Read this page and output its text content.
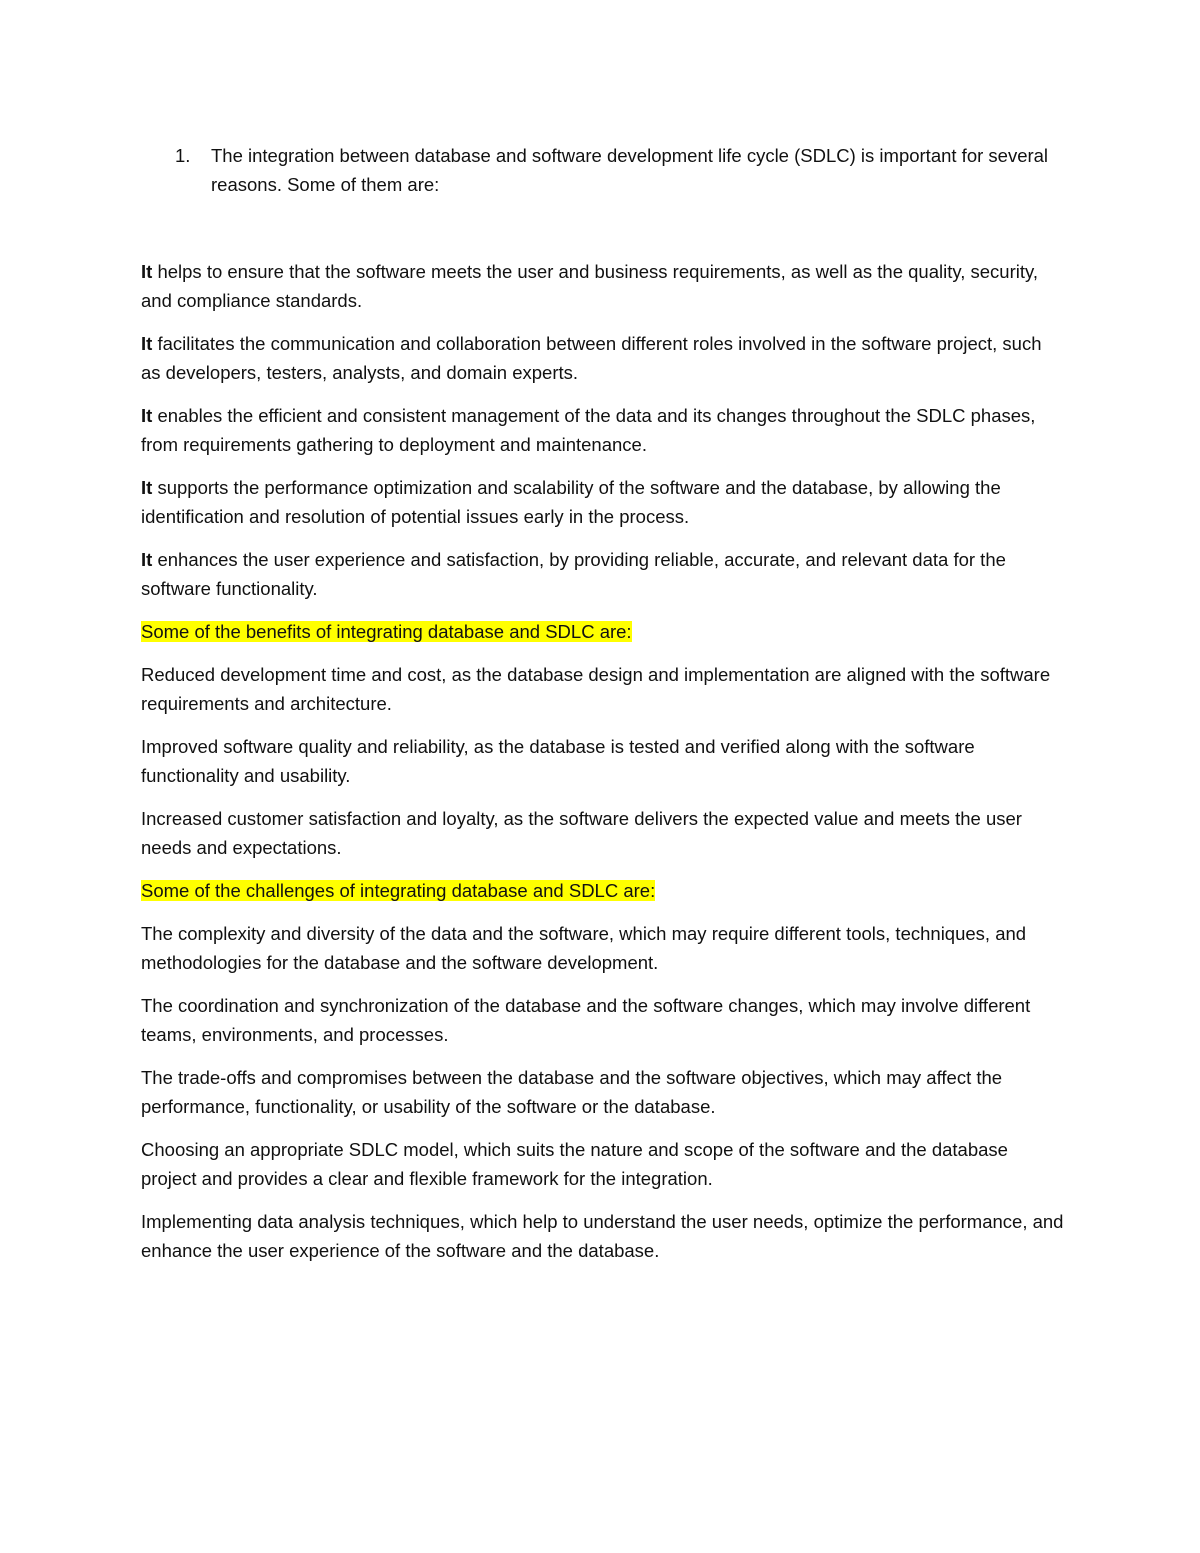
1.	The integration between database and software development life cycle (SDLC) is important for several reasons. Some of them are:

It helps to ensure that the software meets the user and business requirements, as well as the quality, security, and compliance standards.

It facilitates the communication and collaboration between different roles involved in the software project, such as developers, testers, analysts, and domain experts.

It enables the efficient and consistent management of the data and its changes throughout the SDLC phases, from requirements gathering to deployment and maintenance.

It supports the performance optimization and scalability of the software and the database, by allowing the identification and resolution of potential issues early in the process.

It enhances the user experience and satisfaction, by providing reliable, accurate, and relevant data for the software functionality.

Some of the benefits of integrating database and SDLC are:

Reduced development time and cost, as the database design and implementation are aligned with the software requirements and architecture.

Improved software quality and reliability, as the database is tested and verified along with the software functionality and usability.

Increased customer satisfaction and loyalty, as the software delivers the expected value and meets the user needs and expectations.

Some of the challenges of integrating database and SDLC are:

The complexity and diversity of the data and the software, which may require different tools, techniques, and methodologies for the database and the software development.

The coordination and synchronization of the database and the software changes, which may involve different teams, environments, and processes.

The trade-offs and compromises between the database and the software objectives, which may affect the performance, functionality, or usability of the software or the database.

Choosing an appropriate SDLC model, which suits the nature and scope of the software and the database project and provides a clear and flexible framework for the integration.

Implementing data analysis techniques, which help to understand the user needs, optimize the performance, and enhance the user experience of the software and the database.
